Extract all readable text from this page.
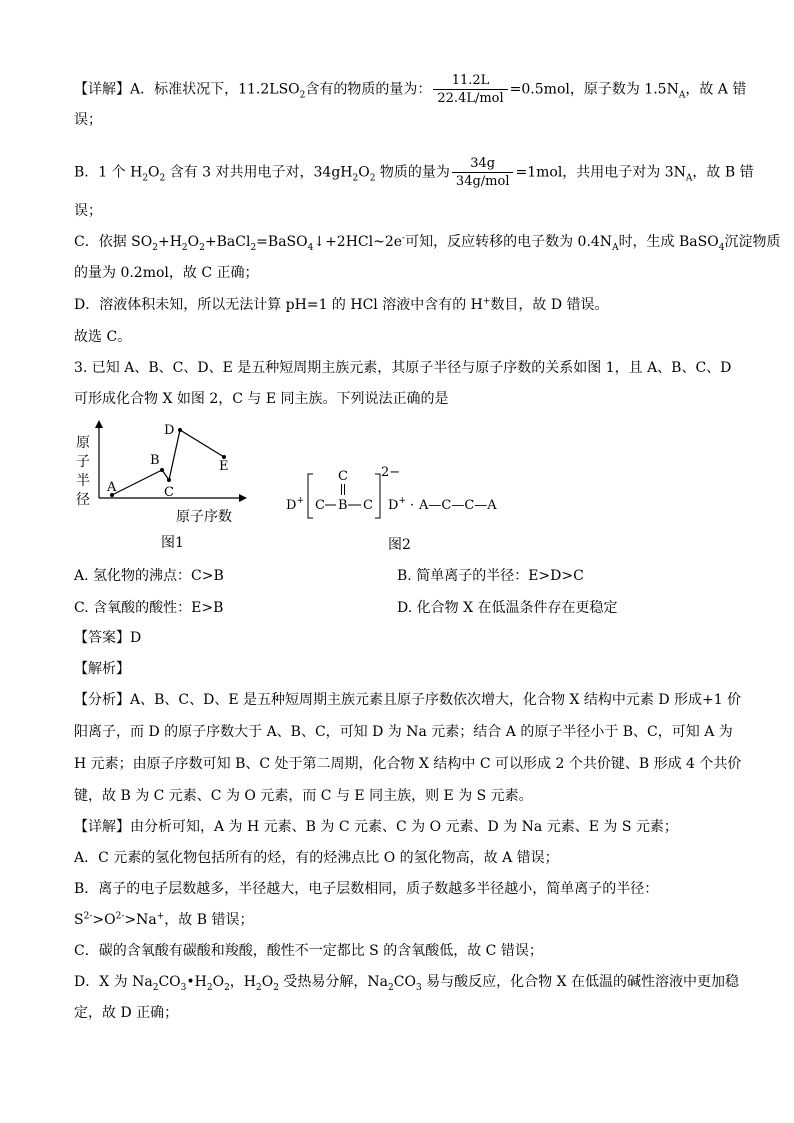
【详解】A．标准状况下，$11.2LSO_2$含有的物质的量为： $\frac{11.2L}{\text{22.4L/mol}} =0.5mol$，原子数为 $1.5N_A$，故 A 错
误；
B．1 个 $H_2O_2$ 含有 3 对共用电子对，$34gH_2O_2$ 物质的量为 $\frac{34g}{\text{34g/mol}} =1mol$，共用电子对为 $3N_A$，故 B 错
误；
C．依据 $SO_2+H_2O_2+BaCl_2=BaSO_4↓+2HCl\sim 2e^-$可知，反应转移的电子数为 $0.4N_A$时，生成 BaSO$_4$沉淀物质
的量为 0.2mol，故 C 正确；
D．溶液体积未知，所以无法计算 pH=1 的 HCl 溶液中含有的 H+数目，故 D 错误。
故选 C。
3. 已知 A、B、C、D、E 是五种短周期主族元素，其原子半径与原子序数的关系如图 1，且 A、B、C、D
可形成化合物 X 如图 2，C 与 E 同主族。下列说法正确的是
原
子
半
径
原子序数
A
B
C
D
E
图1
D+ C B C
C	2−
D+ · A—C—C—A
图2
A. 氢化物的沸点：C>B	B. 简单离子的半径：E>D>C
C. 含氧酸的酸性：E>B	D. 化合物 X 在低温条件存在更稳定
【答案】D
【解析】
【分析】A、B、C、D、E 是五种短周期主族元素且原子序数依次增大，化合物 X 结构中元素 D 形成+1 价
阳离子，而 D 的原子序数大于 A、B、C，可知 D 为 Na 元素；结合 A 的原子半径小于 B、C，可知 A 为
H 元素；由原子序数可知 B、C 处于第二周期，化合物 X 结构中 C 可以形成 2 个共价键、B 形成 4 个共价
键，故 B 为 C 元素、C 为 O 元素，而 C 与 E 同主族，则 E 为 S 元素。
【详解】由分析可知，A 为 H 元素、B 为 C 元素、C 为 O 元素、D 为 Na 元素、E 为 S 元素；
A．C 元素的氢化物包括所有的烃，有的烃沸点比 O 的氢化物高，故 A 错误；
B．离子的电子层数越多，半径越大，电子层数相同，质子数越多半径越小，简单离子的半径：
$S^{2-}>O^{2-}>Na^+$，故 B 错误；
C．碳的含氧酸有碳酸和羧酸，酸性不一定都比 S 的含氧酸低，故 C 错误；
D．X 为 $Na_2CO_3•H_2O_2$，$H_2O_2$ 受热易分解，$Na_2CO_3$ 易与酸反应，化合物 X 在低温的碱性溶液中更加稳
定，故 D 正确；
